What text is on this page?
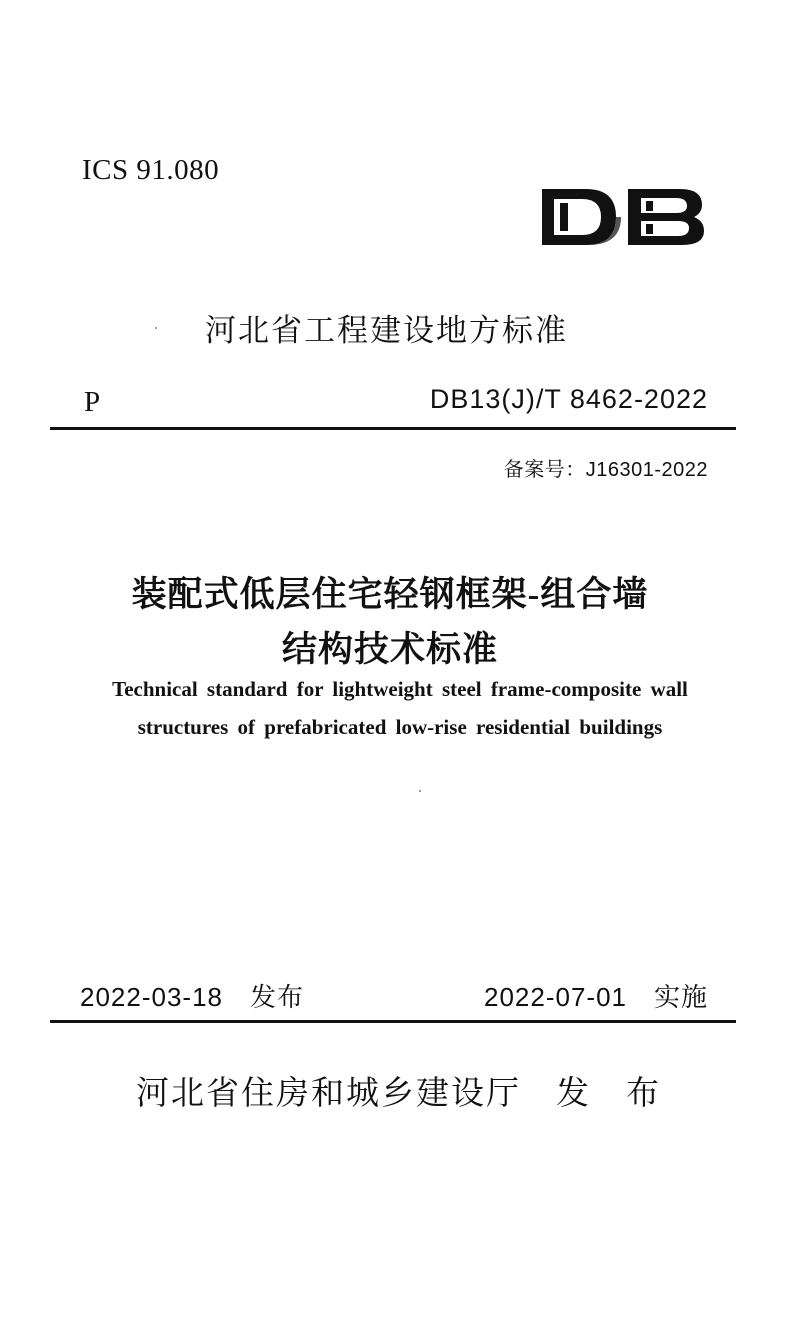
ICS 91.080
河北省工程建设地方标准
P	DB13(J)/T 8462-2022
备案号：J16301-2022
装配式低层住宅轻钢框架-组合墙
结构技术标准
Technical standard for lightweight steel frame-composite wall
structures of prefabricated low-rise residential buildings
2022-03-18　发布	2022-07-01　实施
河北省住房和城乡建设厅　发　布
